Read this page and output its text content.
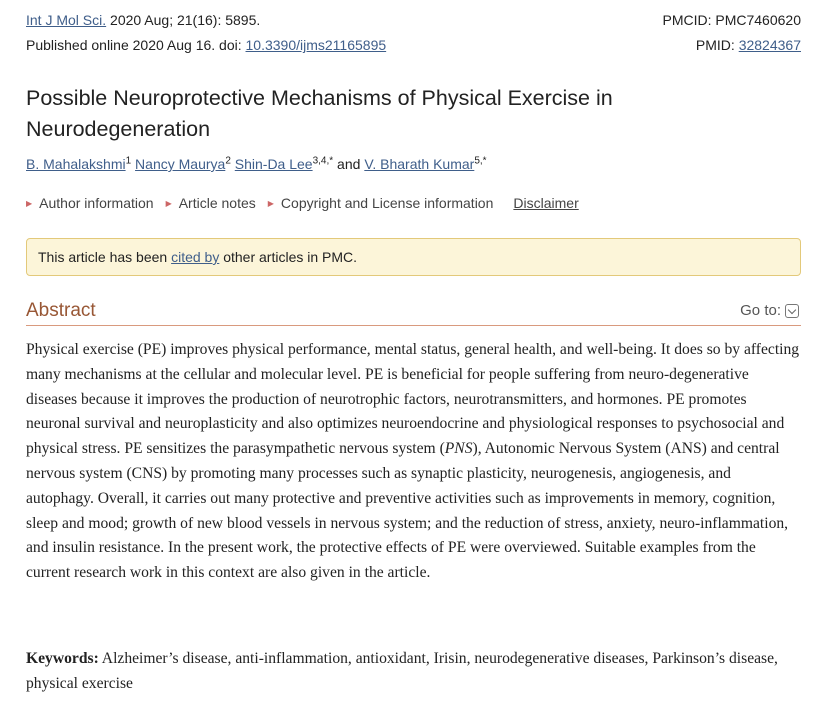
Int J Mol Sci. 2020 Aug; 21(16): 5895.	PMCID: PMC7460620
Published online 2020 Aug 16. doi: 10.3390/ijms21165895	PMID: 32824367
Possible Neuroprotective Mechanisms of Physical Exercise in Neurodegeneration
B. Mahalakshmi$^1$ Nancy Maurya$^2$ Shin-Da Lee$^{3,4,*}$ and V. Bharath Kumar$^{5,*}$
▶ Author information ▶ Article notes ▶ Copyright and License information Disclaimer
This article has been cited by other articles in PMC.
Abstract	Go to:

Physical exercise (PE) improves physical performance, mental status, general health, and well-being. It does so by affecting many mechanisms at the cellular and molecular level. PE is beneficial for people suffering from neuro-degenerative diseases because it improves the production of neurotrophic factors, neurotransmitters, and hormones. PE promotes neuronal survival and neuroplasticity and also optimizes neuroendocrine and physiological responses to psychosocial and physical stress. PE sensitizes the parasympathetic nervous system (PNS), Autonomic Nervous System (ANS) and central nervous system (CNS) by promoting many processes such as synaptic plasticity, neurogenesis, angiogenesis, and autophagy. Overall, it carries out many protective and preventive activities such as improvements in memory, cognition, sleep and mood; growth of new blood vessels in nervous system; and the reduction of stress, anxiety, neuro-inflammation, and insulin resistance. In the present work, the protective effects of PE were overviewed. Suitable examples from the current research work in this context are also given in the article.

Keywords: Alzheimer’s disease, anti-inflammation, antioxidant, Irisin, neurodegenerative diseases, Parkinson’s disease, physical exercise
